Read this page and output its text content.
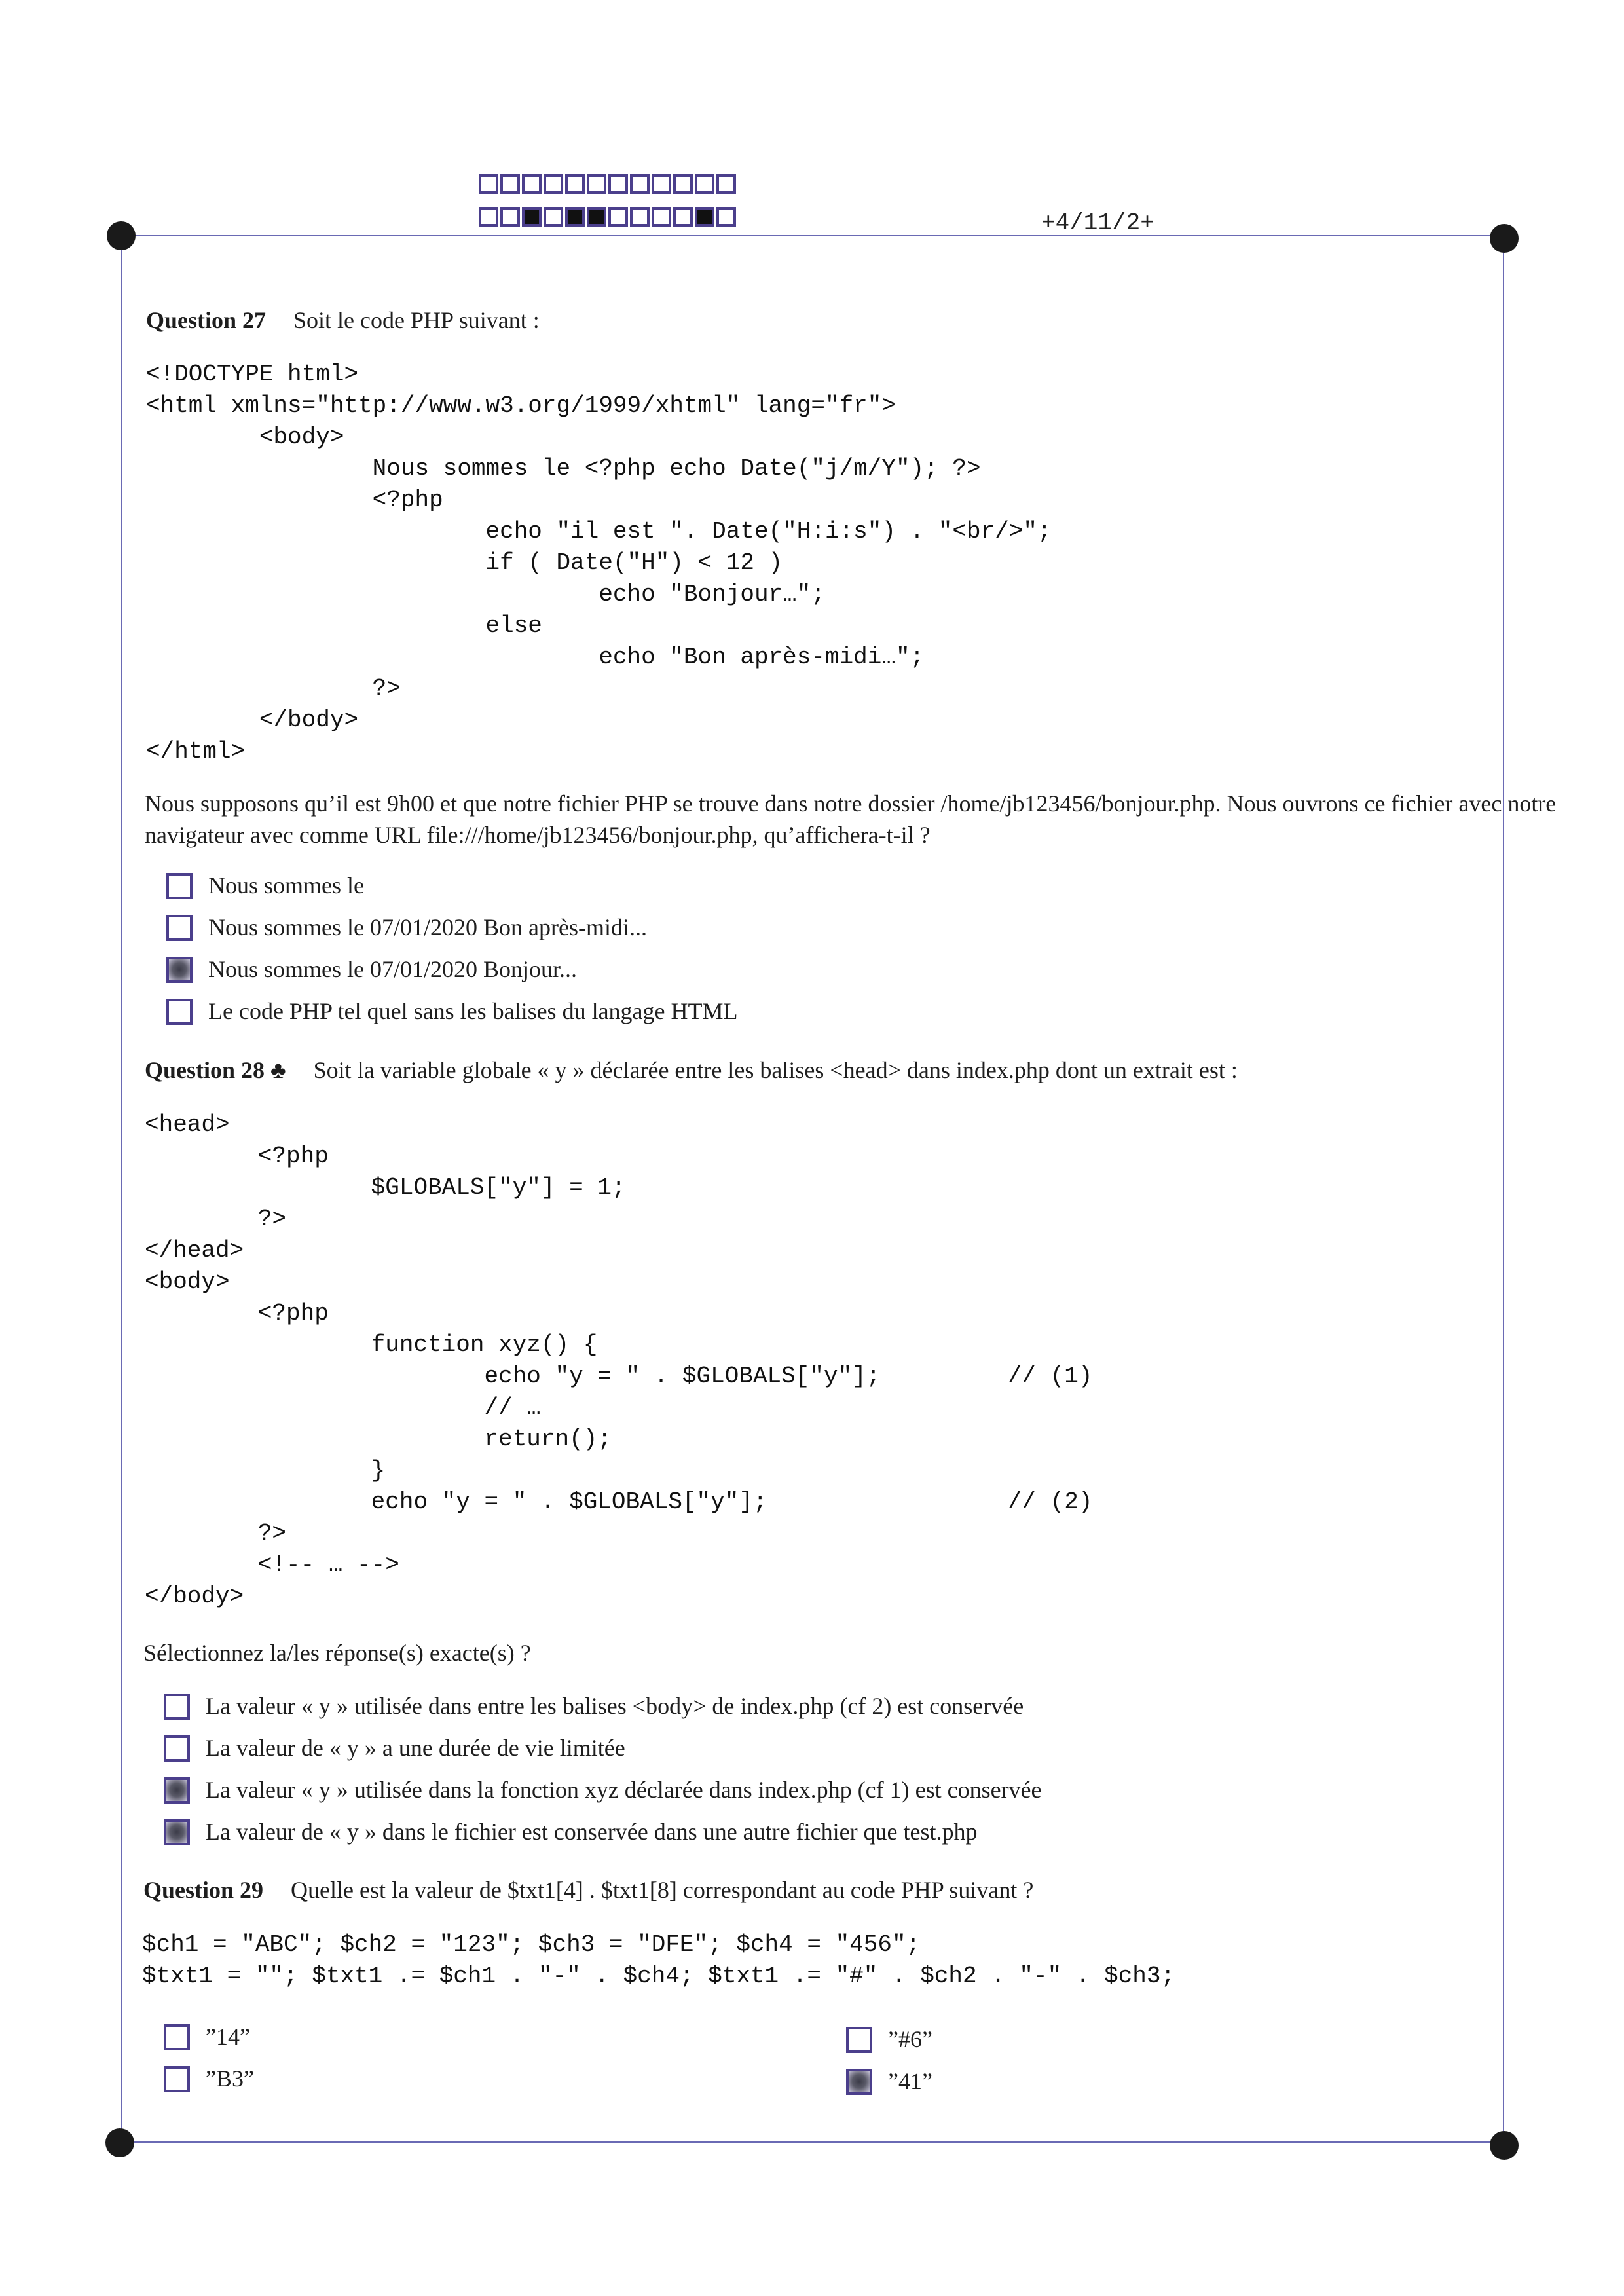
+4/11/2+
Question 27 Soit le code PHP suivant :
<!DOCTYPE html>
<html xmlns="http://www.w3.org/1999/xhtml" lang="fr">
<body>
Nous sommes le <?php echo Date("j/m/Y"); ?>
<?php
echo "il est ". Date("H:i:s") . "<br/>";
if ( Date("H") < 12 )
echo "Bonjour…";
else
echo "Bon après-midi…";
?>
</body>
</html>
Nous supposons qu’il est 9h00 et que notre fichier PHP se trouve dans notre dossier /home/jb123456/bonjour.php. Nous ouvrons ce fichier avec notre navigateur avec comme URL file:///home/jb123456/bonjour.php, qu’affichera-t-il ?
Nous sommes le
Nous sommes le 07/01/2020 Bon après-midi...
Nous sommes le 07/01/2020 Bonjour...
Le code PHP tel quel sans les balises du langage HTML
Question 28 ♣ Soit la variable globale « y » déclarée entre les balises <head> dans index.php dont un extrait est :
<head>
<?php
$GLOBALS["y"] = 1;
?>
</head>
<body>
<?php
function xyz() {
echo "y = " . $GLOBALS["y"];         // (1)
// …
return();
}
echo "y = " . $GLOBALS["y"];                 // (2)
?>
<!-- … -->
</body>
Sélectionnez la/les réponse(s) exacte(s) ?
La valeur « y » utilisée dans entre les balises <body> de index.php (cf 2) est conservée
La valeur de « y » a une durée de vie limitée
La valeur « y » utilisée dans la fonction xyz déclarée dans index.php (cf 1) est conservée
La valeur de « y » dans le fichier est conservée dans une autre fichier que test.php
Question 29 Quelle est la valeur de $txt1[4] . $txt1[8] correspondant au code PHP suivant ?
$ch1 = "ABC"; $ch2 = "123"; $ch3 = "DFE"; $ch4 = "456";
$txt1 = ""; $txt1 .= $ch1 . "-" . $ch4; $txt1 .= "#" . $ch2 . "-" . $ch3;
”14”
”B3”
”#6”
”41”
